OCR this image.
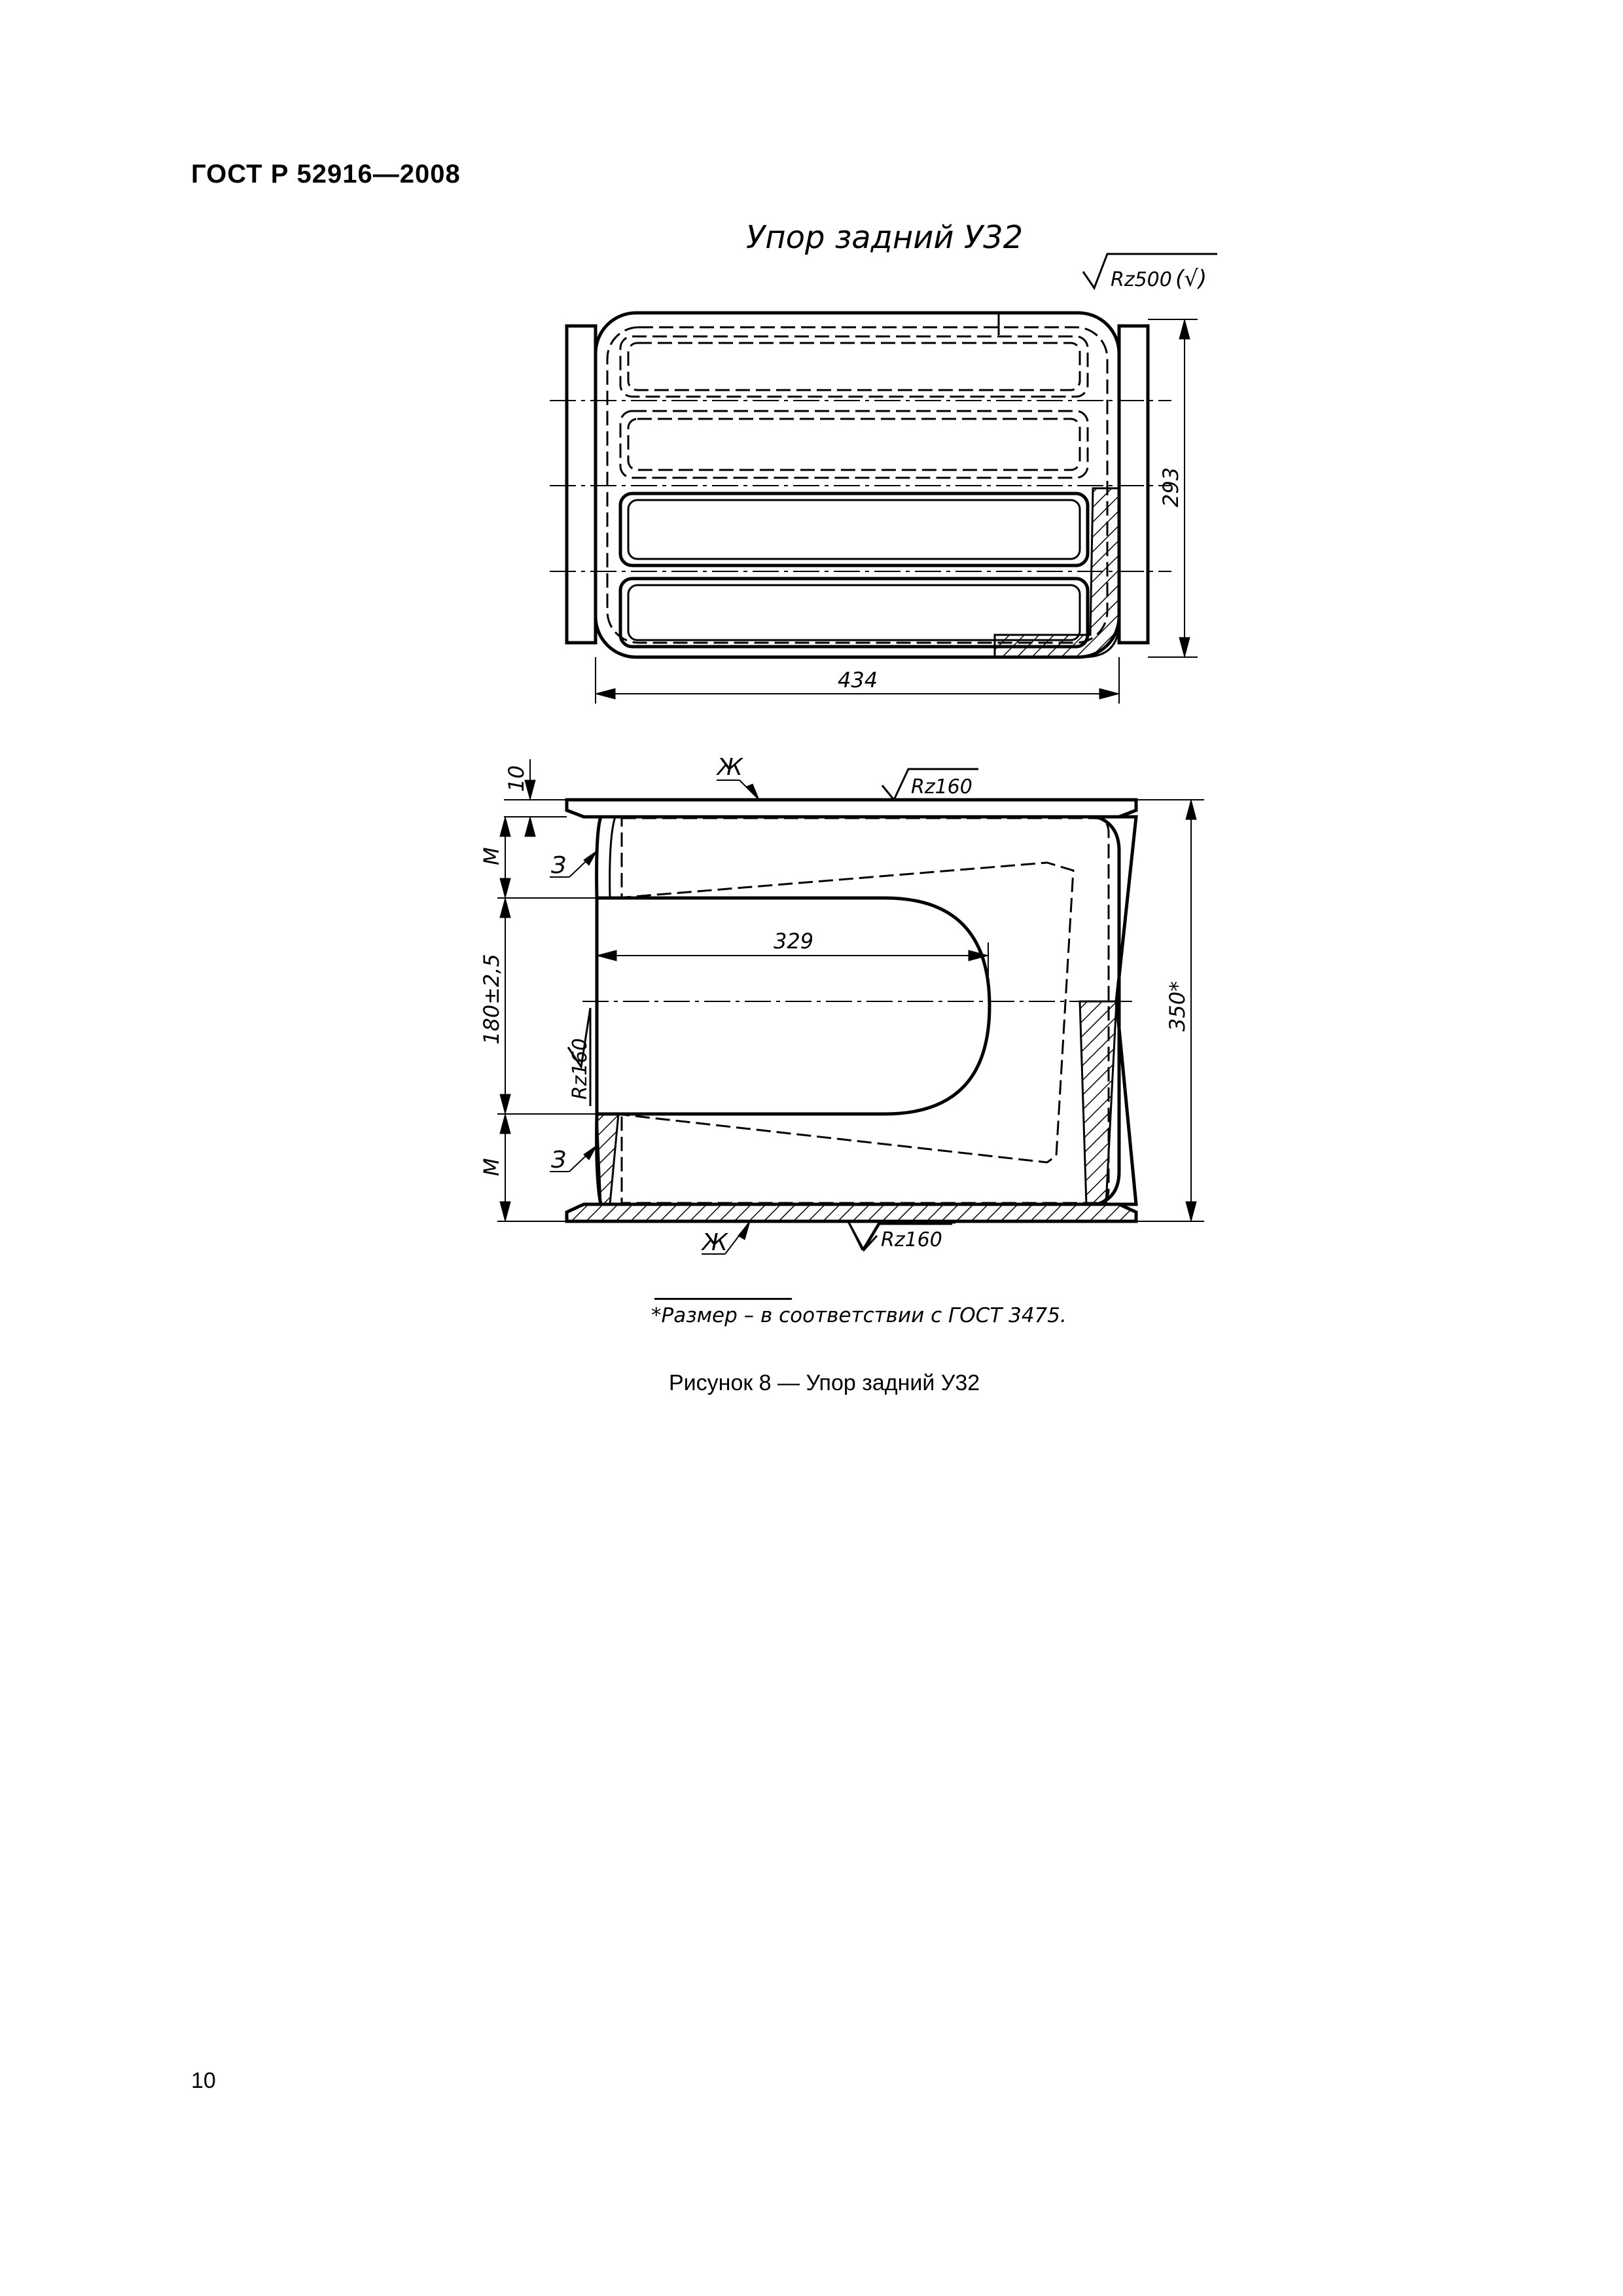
ГОСТ Р 52916—2008
Упор задний У32
Rz500 (√)
434
293
10
M
180±2,5
M
329
350*
Rz160
Rz160
Rz160
Ж
Ж
З
З
*Размер – в соответствии с ГОСТ 3475.
Рисунок 8 — Упор задний У32
10
